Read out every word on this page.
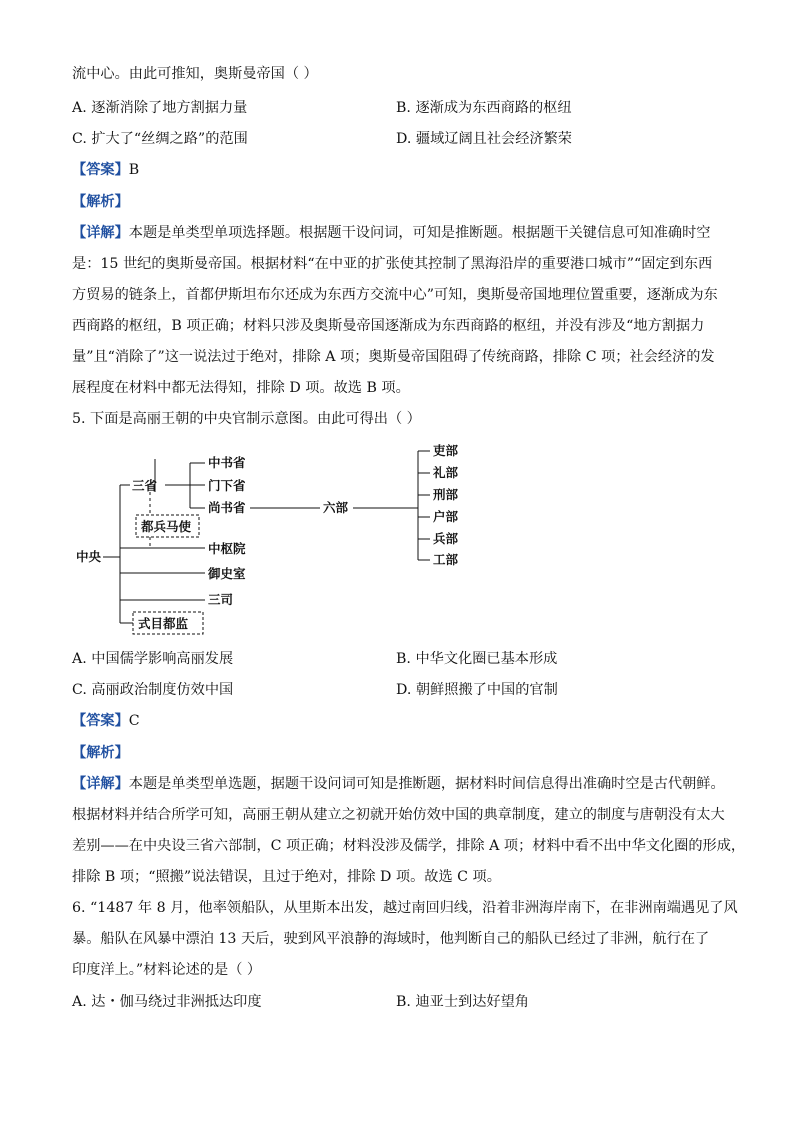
流中心。由此可推知，奥斯曼帝国（ ）
A. 逐渐消除了地方割据力量	B. 逐渐成为东西商路的枢纽
C. 扩大了“丝绸之路”的范围	D. 疆域辽阔且社会经济繁荣
【答案】B
【解析】
【详解】本题是单类型单项选择题。根据题干设问词，可知是推断题。根据题干关键信息可知准确时空
是：15 世纪的奥斯曼帝国。根据材料“在中亚的扩张使其控制了黑海沿岸的重要港口城市”“固定到东西
方贸易的链条上，首都伊斯坦布尔还成为东西方交流中心”可知，奥斯曼帝国地理位置重要，逐渐成为东
西商路的枢纽，B 项正确；材料只涉及奥斯曼帝国逐渐成为东西商路的枢纽，并没有涉及“地方割据力
量”且“消除了”这一说法过于绝对，排除 A 项；奥斯曼帝国阻碍了传统商路，排除 C 项；社会经济的发
展程度在材料中都无法得知，排除 D 项。故选 B 项。
5. 下面是高丽王朝的中央官制示意图。由此可得出（ ）
三省
中书省
门下省
尚书省	六部
吏部
礼部
刑部
户部
兵部
工部
都兵马使
中央
中枢院
御史室
三司
式目都监
A. 中国儒学影响高丽发展	B. 中华文化圈已基本形成
C. 高丽政治制度仿效中国	D. 朝鲜照搬了中国的官制
【答案】C
【解析】
【详解】本题是单类型单选题，据题干设问词可知是推断题，据材料时间信息得出准确时空是古代朝鲜。
根据材料并结合所学可知，高丽王朝从建立之初就开始仿效中国的典章制度，建立的制度与唐朝没有太大
差别——在中央设三省六部制，C 项正确；材料没涉及儒学，排除 A 项；材料中看不出中华文化圈的形成，
排除 B 项；“照搬”说法错误，且过于绝对，排除 D 项。故选 C 项。
6. “1487 年 8 月，他率领船队，从里斯本出发，越过南回归线，沿着非洲海岸南下，在非洲南端遇见了风
暴。船队在风暴中漂泊 13 天后，驶到风平浪静的海域时，他判断自己的船队已经过了非洲，航行在了
印度洋上。”材料论述的是（ ）
A. 达・伽马绕过非洲抵达印度	B. 迪亚士到达好望角
